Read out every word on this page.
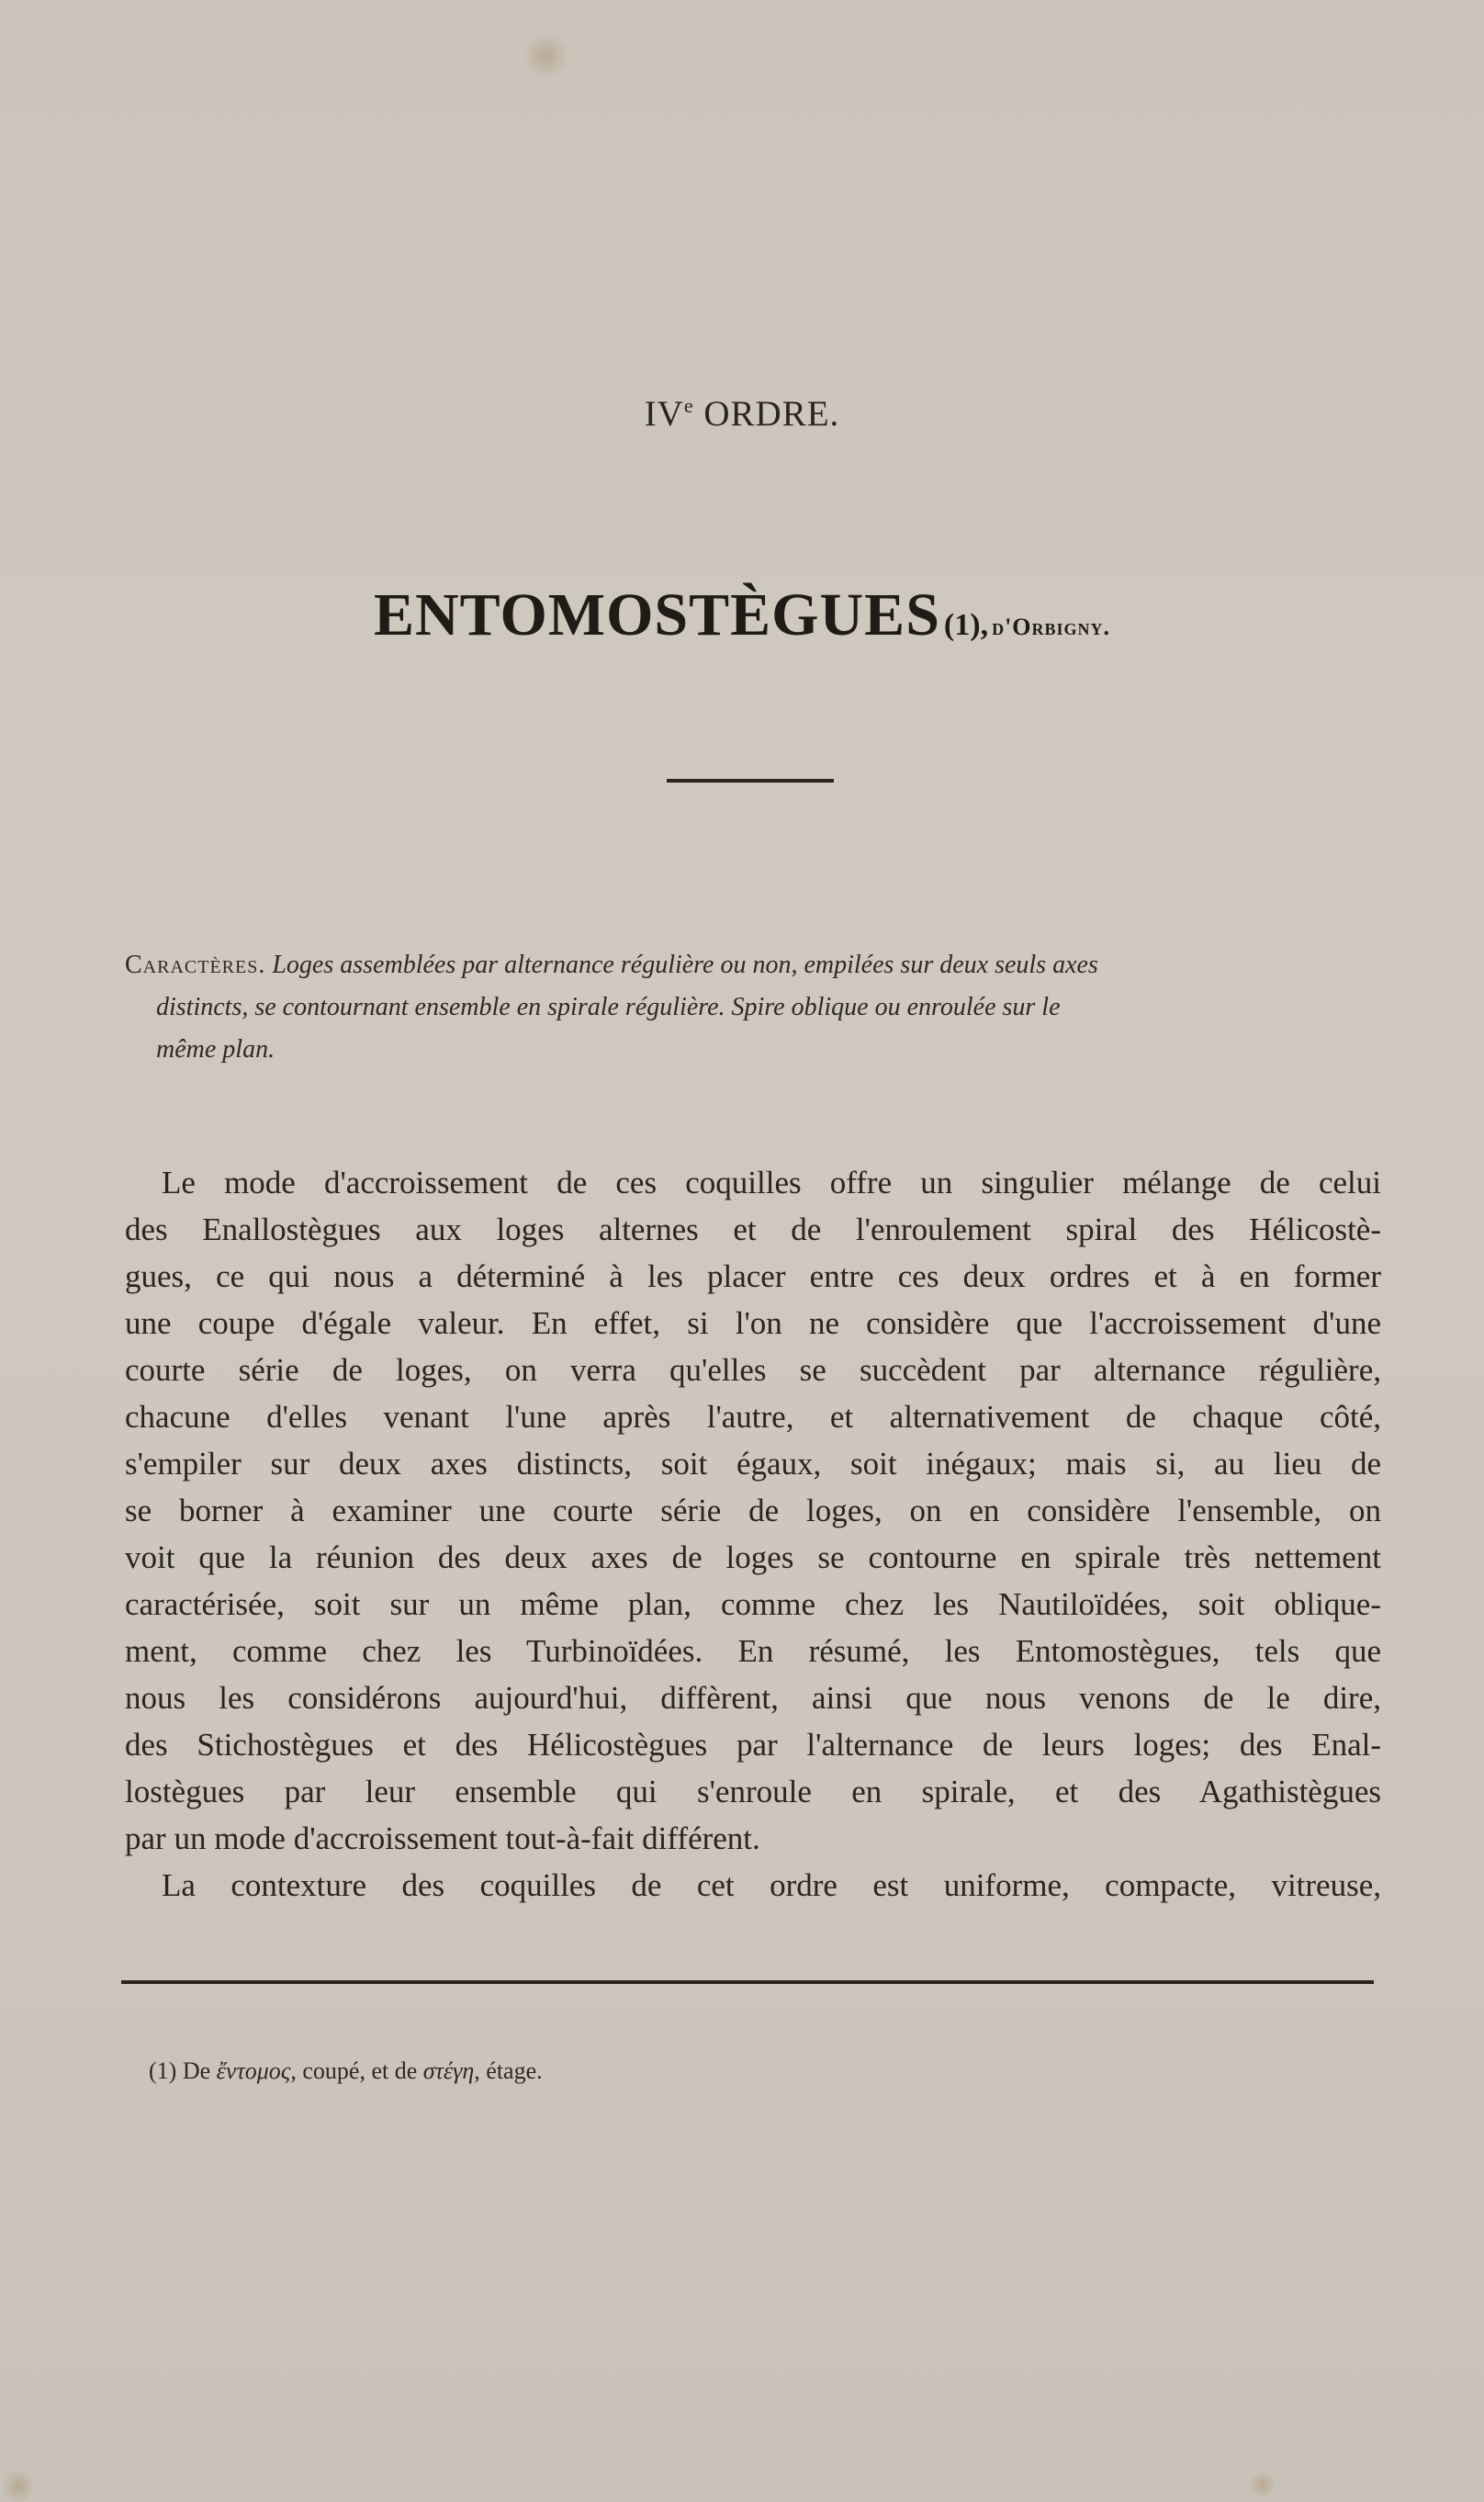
IVe ORDRE.
ENTOMOSTÈGUES (1), d'Orbigny.
Caractères. Loges assemblées par alternance régulière ou non, empilées sur deux seuls axes
distincts, se contournant ensemble en spirale régulière. Spire oblique ou enroulée sur le
même plan.
Le mode d'accroissement de ces coquilles offre un singulier mélange de celui
des Enallostègues aux loges alternes et de l'enroulement spiral des Hélicostè-
gues, ce qui nous a déterminé à les placer entre ces deux ordres et à en former
une coupe d'égale valeur. En effet, si l'on ne considère que l'accroissement d'une
courte série de loges, on verra qu'elles se succèdent par alternance régulière,
chacune d'elles venant l'une après l'autre, et alternativement de chaque côté,
s'empiler sur deux axes distincts, soit égaux, soit inégaux; mais si, au lieu de
se borner à examiner une courte série de loges, on en considère l'ensemble, on
voit que la réunion des deux axes de loges se contourne en spirale très nettement
caractérisée, soit sur un même plan, comme chez les Nautiloïdées, soit oblique-
ment, comme chez les Turbinoïdées. En résumé, les Entomostègues, tels que
nous les considérons aujourd'hui, diffèrent, ainsi que nous venons de le dire,
des Stichostègues et des Hélicostègues par l'alternance de leurs loges; des Enal-
lostègues par leur ensemble qui s'enroule en spirale, et des Agathistègues
par un mode d'accroissement tout-à-fait différent.
La contexture des coquilles de cet ordre est uniforme, compacte, vitreuse,
(1) De ἔντομος, coupé, et de στέγη, étage.
